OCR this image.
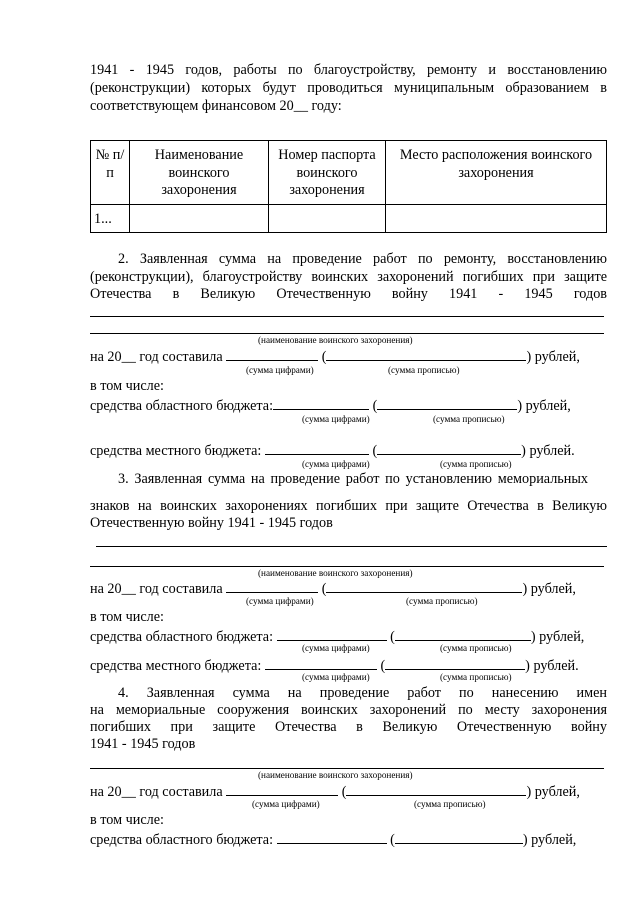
1941 - 1945 годов, работы по благоустройству, ремонту и восстановлению
(реконструкции) которых будут проводиться муниципальным образованием в
соответствующем финансовом 20__ году:
№ п/п	Наименование воинского захоронения	Номер паспорта воинского захоронения	Место расположения воинского захоронения
1...			
2. Заявленная сумма на проведение работ по ремонту, восстановлению
(реконструкции), благоустройству воинских захоронений погибших при защите
Отечества в Великую Отечественную войну 1941 - 1945 годов
(наименование воинского захоронения)
на 20__ год составила	(	) рублей,
(сумма цифрами)	(сумма прописью)
в том числе:
средства областного бюджета:	(	) рублей,
(сумма цифрами)	(сумма прописью)
средства местного бюджета:	(	) рублей.
(сумма цифрами)	(сумма прописью)
3. Заявленная сумма на проведение работ по установлению мемориальных
знаков на воинских захоронениях погибших при защите Отечества в Великую
Отечественную войну 1941 - 1945 годов
(наименование воинского захоронения)
на 20__ год составила	(	) рублей,
(сумма цифрами)	(сумма прописью)
в том числе:
средства областного бюджета:	(	) рублей,
(сумма цифрами)	(сумма прописью)
средства местного бюджета:	(	) рублей.
(сумма цифрами)	(сумма прописью)
4. Заявленная сумма на проведение работ по нанесению имен
на мемориальные сооружения воинских захоронений по месту захоронения
погибших при защите Отечества в Великую Отечественную войну
1941 - 1945 годов
(наименование воинского захоронения)
на 20__ год составила	(	) рублей,
(сумма цифрами)	(сумма прописью)
в том числе:
средства областного бюджета:	(	) рублей,
